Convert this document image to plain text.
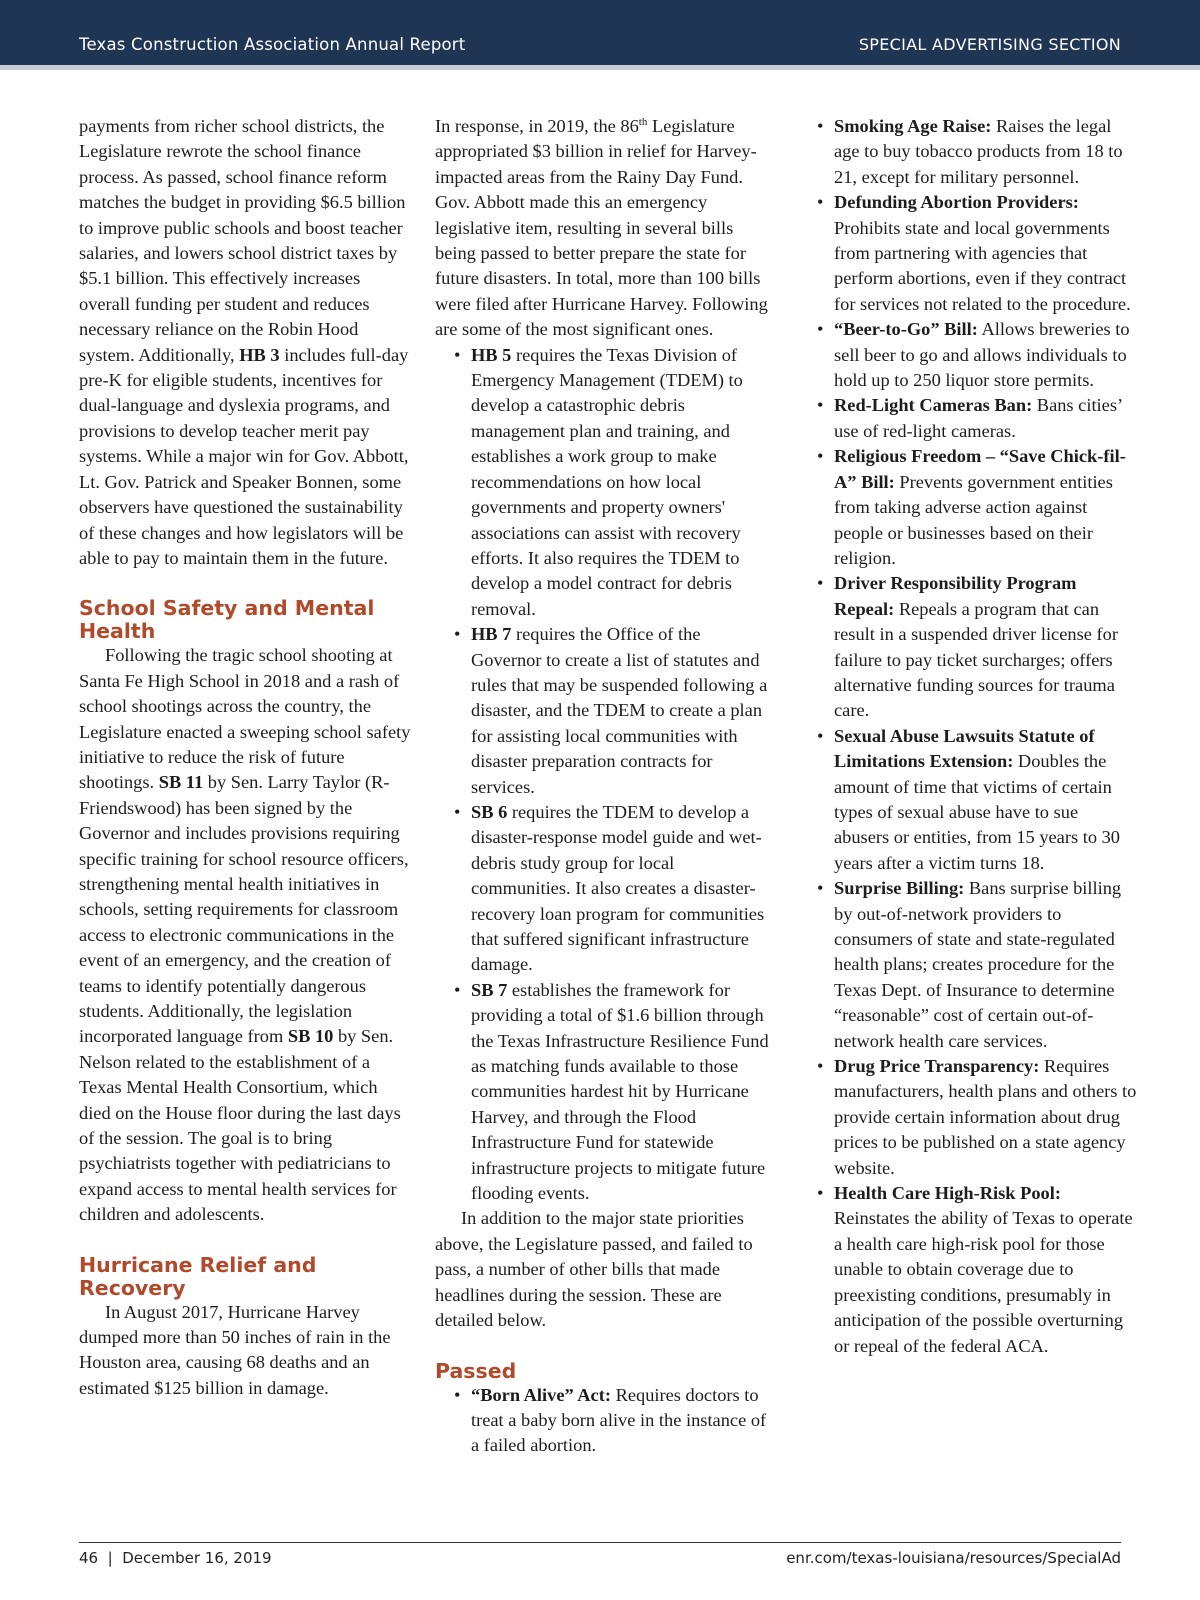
Texas Construction Association Annual Report	SPECIAL ADVERTISING SECTION

payments from richer school districts, the Legislature rewrote the school finance process. As passed, school finance reform matches the budget in providing $6.5 billion to improve public schools and boost teacher salaries, and lowers school district taxes by $5.1 billion. This effectively increases overall funding per student and reduces necessary reliance on the Robin Hood system. Additionally, HB 3 includes full-day pre-K for eligible students, incentives for dual-language and dyslexia programs, and provisions to develop teacher merit pay systems. While a major win for Gov. Abbott, Lt. Gov. Patrick and Speaker Bonnen, some observers have questioned the sustainability of these changes and how legislators will be able to pay to maintain them in the future.

School Safety and Mental Health

Following the tragic school shooting at Santa Fe High School in 2018 and a rash of school shootings across the country, the Legislature enacted a sweeping school safety initiative to reduce the risk of future shootings. SB 11 by Sen. Larry Taylor (R-Friendswood) has been signed by the Governor and includes provisions requiring specific training for school resource officers, strengthening mental health initiatives in schools, setting requirements for classroom access to electronic communications in the event of an emergency, and the creation of teams to identify potentially dangerous students. Additionally, the legislation incorporated language from SB 10 by Sen. Nelson related to the establishment of a Texas Mental Health Consortium, which died on the House floor during the last days of the session. The goal is to bring psychiatrists together with pediatricians to expand access to mental health services for children and adolescents.

Hurricane Relief and Recovery

In August 2017, Hurricane Harvey dumped more than 50 inches of rain in the Houston area, causing 68 deaths and an estimated $125 billion in damage.

In response, in 2019, the 86th Legislature appropriated $3 billion in relief for Harvey-impacted areas from the Rainy Day Fund. Gov. Abbott made this an emergency legislative item, resulting in several bills being passed to better prepare the state for future disasters. In total, more than 100 bills were filed after Hurricane Harvey. Following are some of the most significant ones.

• HB 5 requires the Texas Division of Emergency Management (TDEM) to develop a catastrophic debris management plan and training, and establishes a work group to make recommendations on how local governments and property owners' associations can assist with recovery efforts. It also requires the TDEM to develop a model contract for debris removal.
• HB 7 requires the Office of the Governor to create a list of statutes and rules that may be suspended following a disaster, and the TDEM to create a plan for assisting local communities with disaster preparation contracts for services.
• SB 6 requires the TDEM to develop a disaster-response model guide and wet-debris study group for local communities. It also creates a disaster-recovery loan program for communities that suffered significant infrastructure damage.
• SB 7 establishes the framework for providing a total of $1.6 billion through the Texas Infrastructure Resilience Fund as matching funds available to those communities hardest hit by Hurricane Harvey, and through the Flood Infrastructure Fund for statewide infrastructure projects to mitigate future flooding events.

In addition to the major state priorities above, the Legislature passed, and failed to pass, a number of other bills that made headlines during the session. These are detailed below.

Passed
• “Born Alive” Act: Requires doctors to treat a baby born alive in the instance of a failed abortion.
• Smoking Age Raise: Raises the legal age to buy tobacco products from 18 to 21, except for military personnel.
• Defunding Abortion Providers: Prohibits state and local governments from partnering with agencies that perform abortions, even if they contract for services not related to the procedure.
• “Beer-to-Go” Bill: Allows breweries to sell beer to go and allows individuals to hold up to 250 liquor store permits.
• Red-Light Cameras Ban: Bans cities’ use of red-light cameras.
• Religious Freedom – “Save Chick-fil-A” Bill: Prevents government entities from taking adverse action against people or businesses based on their religion.
• Driver Responsibility Program Repeal: Repeals a program that can result in a suspended driver license for failure to pay ticket surcharges; offers alternative funding sources for trauma care.
• Sexual Abuse Lawsuits Statute of Limitations Extension: Doubles the amount of time that victims of certain types of sexual abuse have to sue abusers or entities, from 15 years to 30 years after a victim turns 18.
• Surprise Billing: Bans surprise billing by out-of-network providers to consumers of state and state-regulated health plans; creates procedure for the Texas Dept. of Insurance to determine “reasonable” cost of certain out-of-network health care services.
• Drug Price Transparency: Requires manufacturers, health plans and others to provide certain information about drug prices to be published on a state agency website.
• Health Care High-Risk Pool: Reinstates the ability of Texas to operate a health care high-risk pool for those unable to obtain coverage due to preexisting conditions, presumably in anticipation of the possible overturning or repeal of the federal ACA.
46 | December 16, 2019	enr.com/texas-louisiana/resources/SpecialAd
